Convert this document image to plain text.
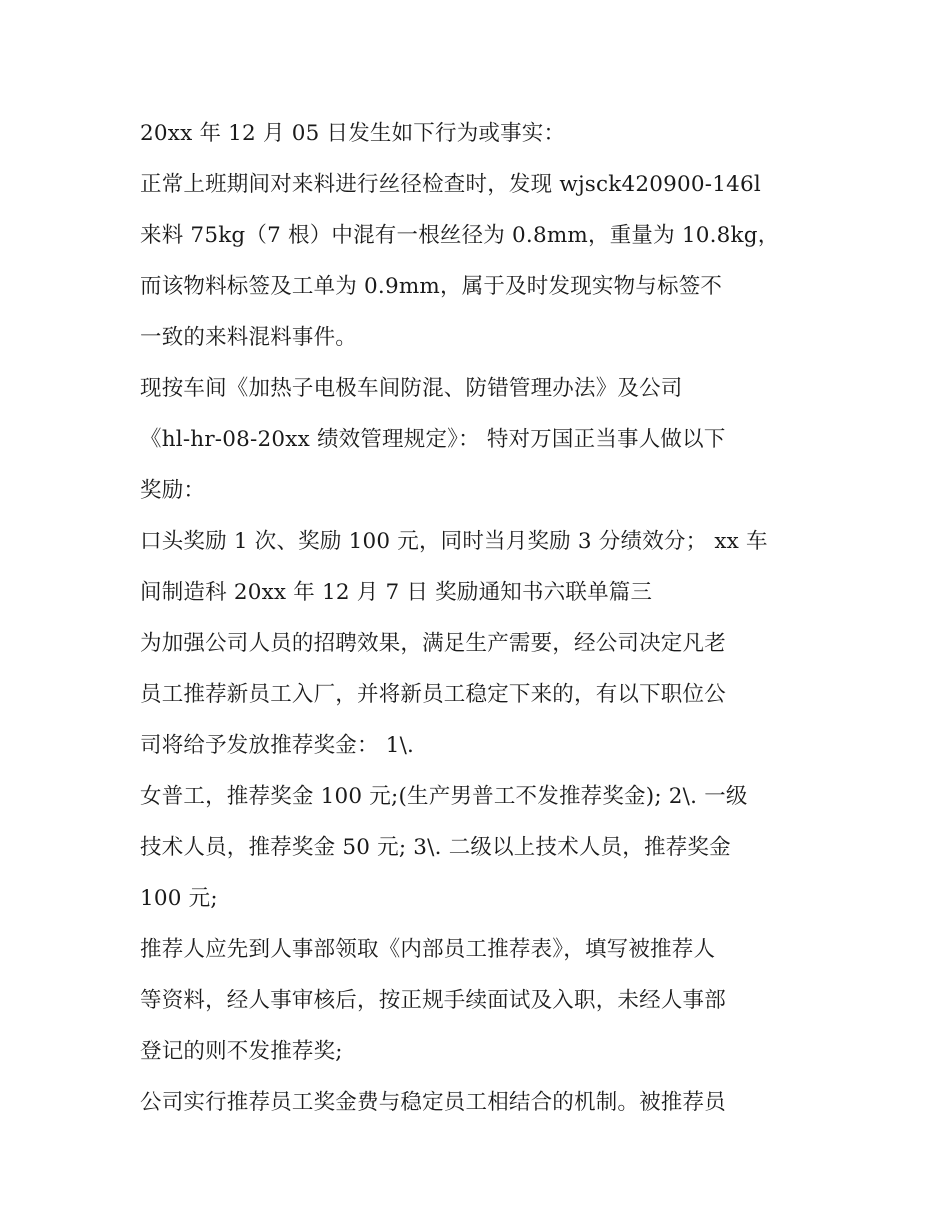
20xx 年 12 月 05 日发生如下行为或事实：
正常上班期间对来料进行丝径检查时，发现 wjsck420900-146l
来料 75kg（7 根）中混有一根丝径为 0.8mm，重量为 10.8kg，
而该物料标签及工单为 0.9mm，属于及时发现实物与标签不
一致的来料混料事件。
现按车间《加热子电极车间防混、防错管理办法》及公司
《hl-hr-08-20xx 绩效管理规定》： 特对万国正当事人做以下
奖励：
口头奖励 1 次、奖励 100 元，同时当月奖励 3 分绩效分； xx 车
间制造科 20xx 年 12 月 7 日 奖励通知书六联单篇三
为加强公司人员的招聘效果，满足生产需要，经公司决定凡老
员工推荐新员工入厂，并将新员工稳定下来的，有以下职位公
司将给予发放推荐奖金： 1\.
女普工，推荐奖金 100 元;(生产男普工不发推荐奖金); 2\. 一级
技术人员，推荐奖金 50 元; 3\. 二级以上技术人员，推荐奖金
100 元;
推荐人应先到人事部领取《内部员工推荐表》，填写被推荐人
等资料，经人事审核后，按正规手续面试及入职，未经人事部
登记的则不发推荐奖;
公司实行推荐员工奖金费与稳定员工相结合的机制。被推荐员
